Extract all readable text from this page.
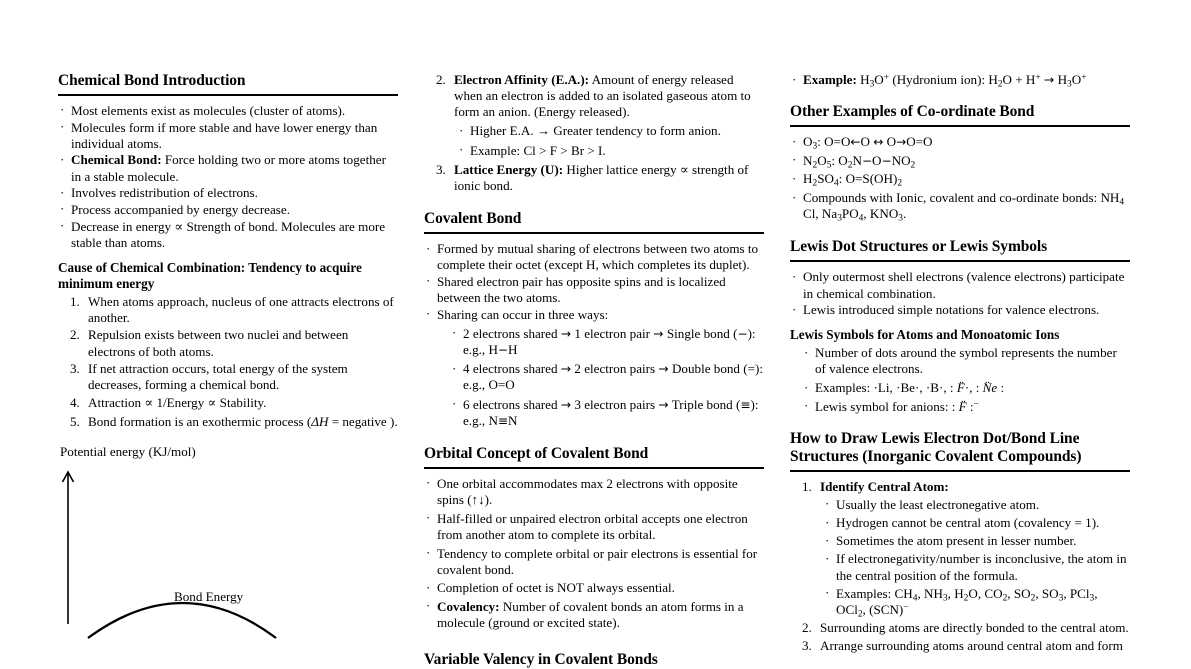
Chemical Bond Introduction
· Most elements exist as molecules (cluster of atoms).
· Molecules form if more stable and have lower energy than individual atoms.
· Chemical Bond: Force holding two or more atoms together in a stable molecule.
· Involves redistribution of electrons.
· Process accompanied by energy decrease.
· Decrease in energy ∝ Strength of bond. Molecules are more stable than atoms.
Cause of Chemical Combination: Tendency to acquire minimum energy
1. When atoms approach, nucleus of one attracts electrons of another.
2. Repulsion exists between two nuclei and between electrons of both atoms.
3. If net attraction occurs, total energy of the system decreases, forming a chemical bond.
4. Attraction ∝ 1/Energy ∝ Stability.
5. Bond formation is an exothermic process (ΔH = negative ).
Potential energy (KJ/mol)
Bond Energy
2. Electron Affinity (E.A.): Amount of energy released when an electron is added to an isolated gaseous atom to form an anion. (Energy released).
· Higher E.A. → Greater tendency to form anion.
· Example: Cl > F > Br > I.
3. Lattice Energy (U): Higher lattice energy ∝ strength of ionic bond.
Covalent Bond
· Formed by mutual sharing of electrons between two atoms to complete their octet (except H, which completes its duplet).
· Shared electron pair has opposite spins and is localized between the two atoms.
· Sharing can occur in three ways:
· 2 electrons shared → 1 electron pair → Single bond (−): e.g., H−H
· 4 electrons shared → 2 electron pairs → Double bond (=): e.g., O=O
· 6 electrons shared → 3 electron pairs → Triple bond (≡): e.g., N≡N
Orbital Concept of Covalent Bond
· One orbital accommodates max 2 electrons with opposite spins (↑↓).
· Half-filled or unpaired electron orbital accepts one electron from another atom to complete its orbital.
· Tendency to complete orbital or pair electrons is essential for covalent bond.
· Completion of octet is NOT always essential.
· Covalency: Number of covalent bonds an atom forms in a molecule (ground or excited state).
Variable Valency in Covalent Bonds
· Example: $H_3O^+$ (Hydronium ion): $H_2O + H^+ \to H_3O^+$
Other Examples of Co-ordinate Bond
· $O_3$: O=O←O ↔ O→O=O
· $N_2O_5$: $O_2N-O-NO_2$
· $H_2SO_4$: $O=S(OH)_2$
· Compounds with Ionic, covalent and co-ordinate bonds: $NH_4$ Cl, $Na_3PO_4$, $KNO_3$.
Lewis Dot Structures or Lewis Symbols
· Only outermost shell electrons (valence electrons) participate in chemical combination.
· Lewis introduced simple notations for valence electrons.
Lewis Symbols for Atoms and Monoatomic Ions
· Number of dots around the symbol represents the number of valence electrons.
· Examples: ·Li, ·Be·, ·B·, : F̈·, : N̈e :
· Lewis symbol for anions: : F̈ :−
How to Draw Lewis Electron Dot/Bond Line Structures (Inorganic Covalent Compounds)
1. Identify Central Atom:
· Usually the least electronegative atom.
· Hydrogen cannot be central atom (covalency = 1).
· Sometimes the atom present in lesser number.
· If electronegativity/number is inconclusive, the atom in the central position of the formula.
· Examples: $CH_4$, $NH_3$, $H_2O$, $CO_2$, $SO_2$, $SO_3$, PCl$_3$, OCl$_2$, (SCN)−
2. Surrounding atoms are directly bonded to the central atom.
3. Arrange surrounding atoms around central atom and form
